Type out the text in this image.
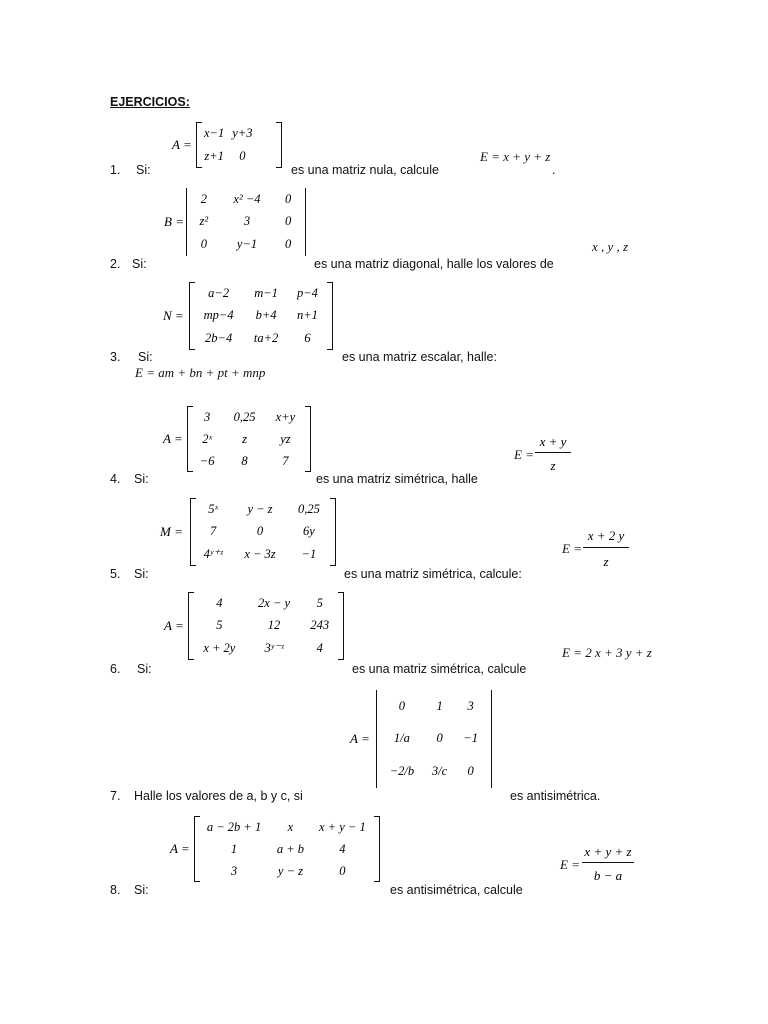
EJERCICIOS:
A =
x−1	y+3
z+1	0
1. Si:	es una matriz nula, calcule
E = x + y + z
.
B =
2	x² −4	0
z²	3	0
0	y−1	0
2. Si:	es una matriz diagonal, halle los valores de
x , y , z
N =
a−2	m−1	p−4
mp−4	b+4	n+1
2b−4	ta+2	6
3. Si:	es una matriz escalar, halle:
E = am + bn + pt + mnp
A =
3	0,25	x+y
2ˣ	z	yz
−6	8	7
4. Si:	es una matriz simétrica, halle
E =
x + y
z
M =
5ˣ	y − z	0,25
7	0	6y
4ʸ⁺ᶻ	x − 3z	−1
5. Si:	es una matriz simétrica, calcule:
E =
x + 2 y
z
A =
4	2x − y	5
5	12	243
x + 2y	3ʸ⁻ᶻ	4
6. Si:	es una matriz simétrica, calcule
E = 2 x + 3 y + z
A =
0	1	3
1/a	0	−1
−2/b	3/c	0
7. Halle los valores de a, b y c, si	es antisimétrica.
A =
a − 2b + 1	x	x + y − 1
1	a + b	4
3	y − z	0
8. Si:	es antisimétrica, calcule
E =
x + y + z
b − a
